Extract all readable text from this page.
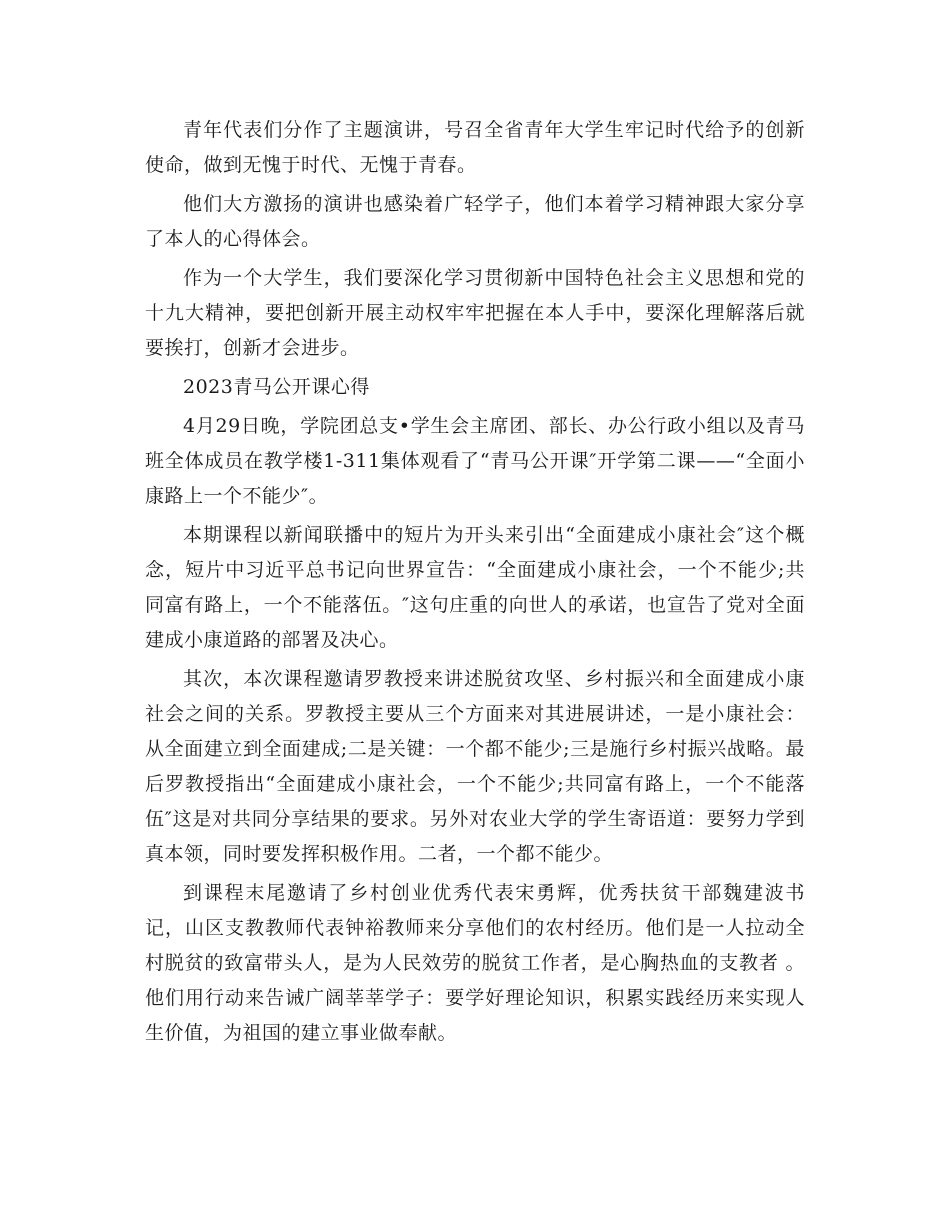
青年代表们分作了主题演讲，号召全省青年大学生牢记时代给予的创新使命，做到无愧于时代、无愧于青春。

他们大方激扬的演讲也感染着广轻学子，他们本着学习精神跟大家分享了本人的心得体会。

作为一个大学生，我们要深化学习贯彻新中国特色社会主义思想和党的十九大精神，要把创新开展主动权牢牢把握在本人手中，要深化理解落后就要挨打，创新才会进步。

2023青马公开课心得

4月29日晚，学院团总支•学生会主席团、部长、办公行政小组以及青马班全体成员在教学楼1-311集体观看了“青马公开课″开学第二课——“全面小康路上一个不能少″。

本期课程以新闻联播中的短片为开头来引出“全面建成小康社会″这个概念，短片中习近平总书记向世界宣告：“全面建成小康社会，一个不能少;共同富有路上，一个不能落伍。″这句庄重的向世人的承诺，也宣告了党对全面建成小康道路的部署及决心。

其次，本次课程邀请罗教授来讲述脱贫攻坚、乡村振兴和全面建成小康社会之间的关系。罗教授主要从三个方面来对其进展讲述，一是小康社会：从全面建立到全面建成;二是关键：一个都不能少;三是施行乡村振兴战略。最后罗教授指出“全面建成小康社会，一个不能少;共同富有路上，一个不能落伍″这是对共同分享结果的要求。另外对农业大学的学生寄语道：要努力学到真本领，同时要发挥积极作用。二者，一个都不能少。

到课程末尾邀请了乡村创业优秀代表宋勇辉，优秀扶贫干部魏建波书记，山区支教教师代表钟裕教师来分享他们的农村经历。他们是一人拉动全村脱贫的致富带头人，是为人民效劳的脱贫工作者，是心胸热血的支教者 。他们用行动来告诫广阔莘莘学子：要学好理论知识，积累实践经历来实现人生价值，为祖国的建立事业做奉献。
